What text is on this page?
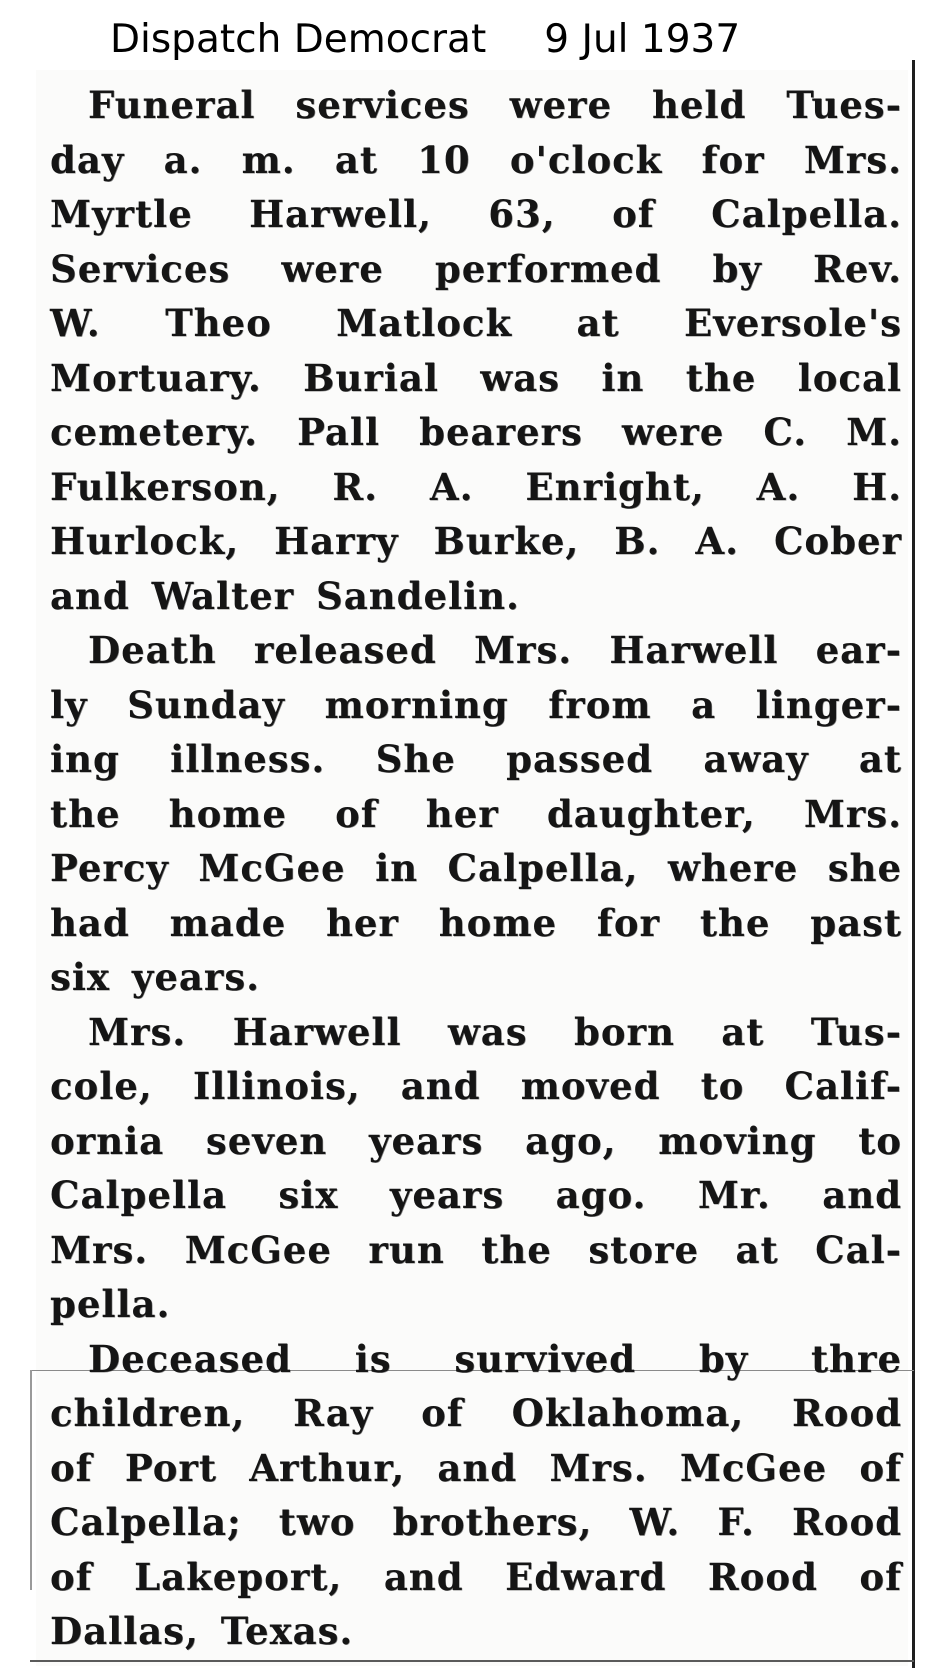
Dispatch Democrat 9 Jul 1937
Funeral services were held Tues-
day a. m. at 10 o'clock for Mrs.
Myrtle Harwell, 63, of Calpella.
Services were performed by Rev.
W. Theo Matlock at Eversole's
Mortuary. Burial was in the local
cemetery. Pall bearers were C. M.
Fulkerson, R. A. Enright, A. H.
Hurlock, Harry Burke, B. A. Cober
and Walter Sandelin.
Death released Mrs. Harwell ear-
ly Sunday morning from a linger-
ing illness. She passed away at
the home of her daughter, Mrs.
Percy McGee in Calpella, where she
had made her home for the past
six years.
Mrs. Harwell was born at Tus-
cole, Illinois, and moved to Calif-
ornia seven years ago, moving to
Calpella six years ago. Mr. and
Mrs. McGee run the store at Cal-
pella.
Deceased is survived by thre
children, Ray of Oklahoma, Rood
of Port Arthur, and Mrs. McGee of
Calpella; two brothers, W. F. Rood
of Lakeport, and Edward Rood of
Dallas, Texas.
